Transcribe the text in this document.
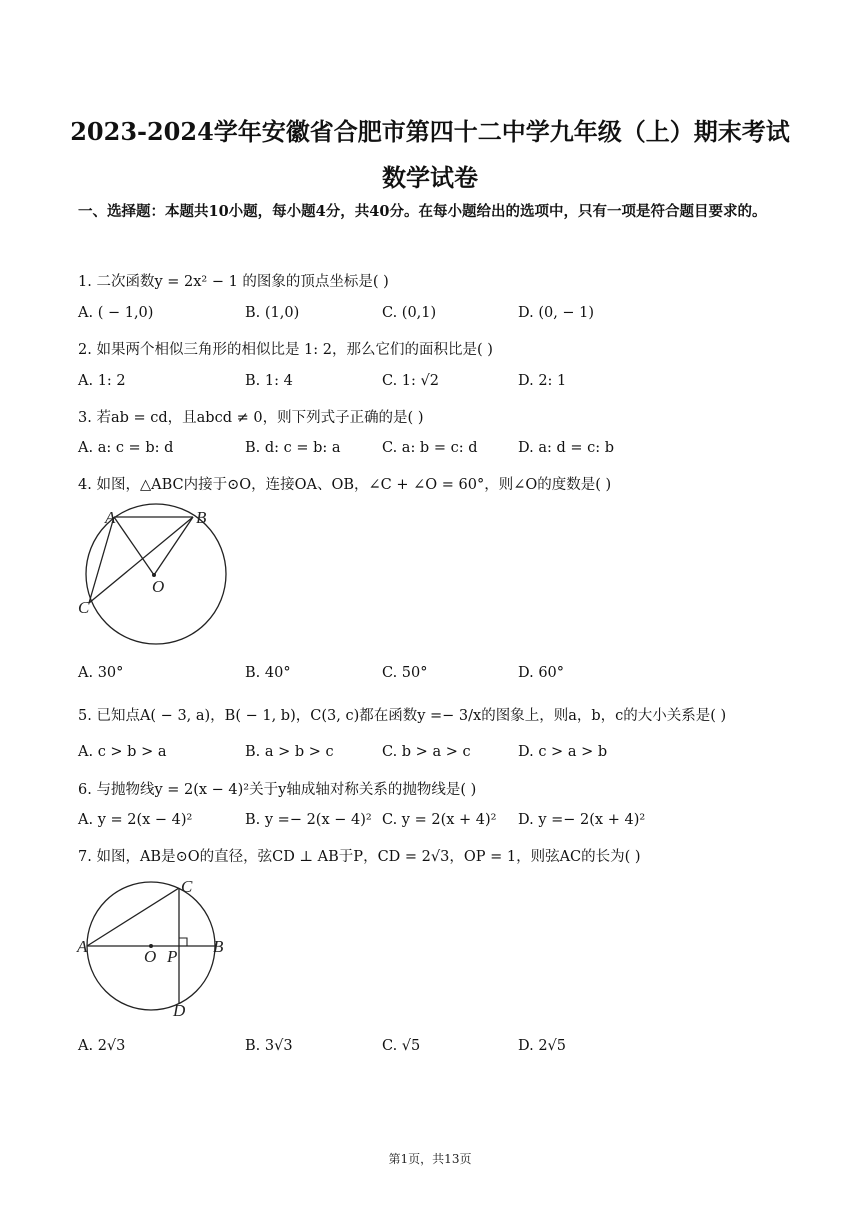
2023-2024学年安徽省合肥市第四十二中学九年级（上）期末考试
数学试卷
一、选择题：本题共10小题，每小题4分，共40分。在每小题给出的选项中，只有一项是符合题目要求的。
1. 二次函数y = 2x² − 1 的图象的顶点坐标是( )
A. ( − 1,0)	B. (1,0)	C. (0,1)	D. (0, − 1)
2. 如果两个相似三角形的相似比是 1: 2，那么它们的面积比是( )
A. 1: 2	B. 1: 4	C. 1: √2	D. 2: 1
3. 若ab = cd，且abcd ≠ 0，则下列式子正确的是( )
A. a: c = b: d	B. d: c = b: a	C. a: b = c: d	D. a: d = c: b
4. 如图，△ABC内接于⊙O，连接OA、OB，∠C + ∠O = 60°，则∠O的度数是( )
A	B
C
O
A. 30°	B. 40°	C. 50°	D. 60°
5. 已知点A( − 3, a)，B( − 1, b)，C(3, c)都在函数y =− 3/x的图象上，则a，b，c的大小关系是( )
A. c > b > a	B. a > b > c	C. b > a > c	D. c > a > b
6. 与抛物线y = 2(x − 4)²关于y轴成轴对称关系的抛物线是( )
A. y = 2(x − 4)²	B. y =− 2(x − 4)² C. y = 2(x + 4)² D. y =− 2(x + 4)²
7. 如图，AB是⊙O的直径，弦CD ⊥ AB于P，CD = 2√3，OP = 1，则弦AC的长为( )
A	B
C
D
O P
A. 2√3	B. 3√3	C. √5	D. 2√5
第1页，共13页
